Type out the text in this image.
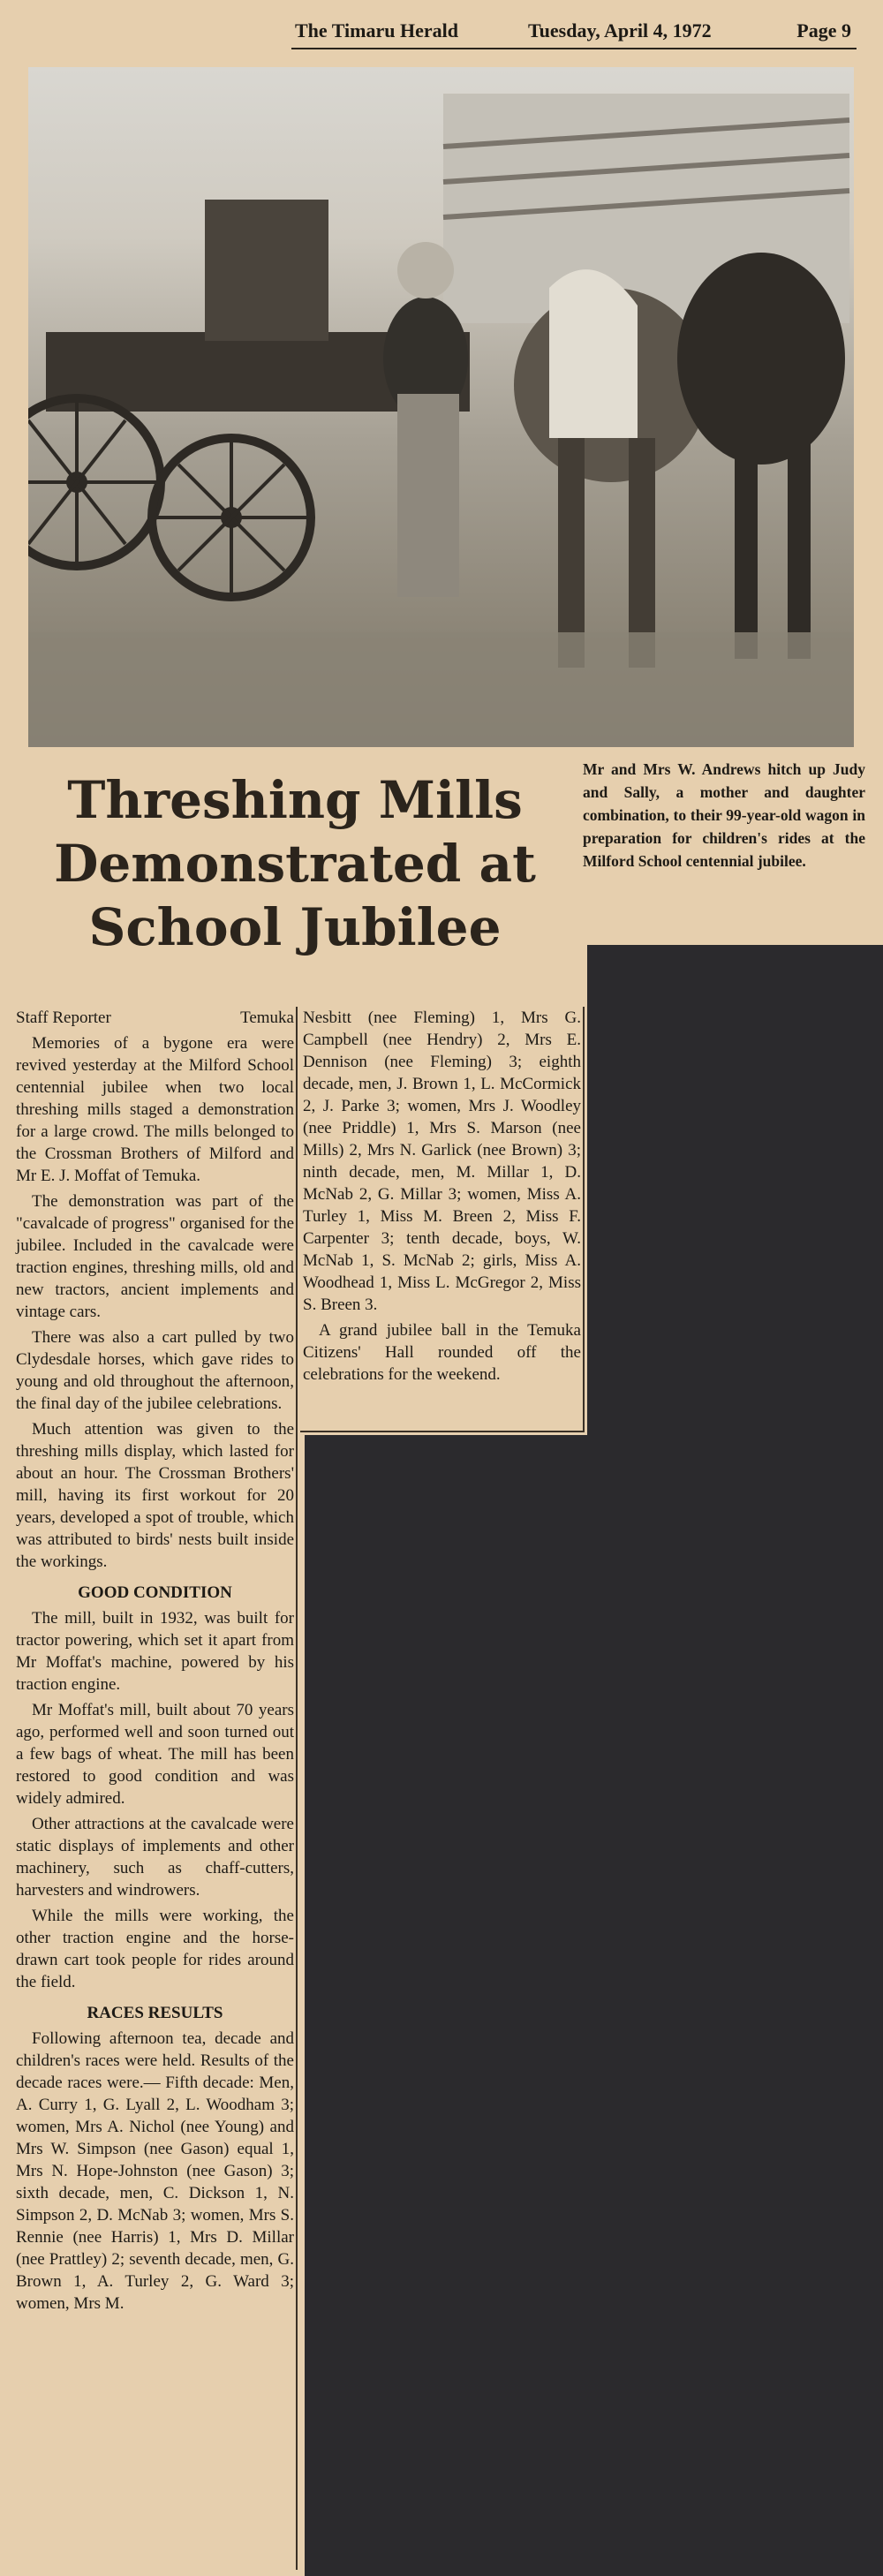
The Timaru Herald	Tuesday, April 4, 1972	Page 9
Mr and Mrs W. Andrews hitch up Judy and Sally, a mother and daughter combination, to their 99-year-old wagon in preparation for children's rides at the Milford School centennial jubilee.
Threshing Mills
Demonstrated at
School Jubilee

Staff Reporter	Temuka

Memories of a bygone era were revived yesterday at the Milford School centennial jubilee when two local threshing mills staged a demonstration for a large crowd. The mills belonged to the Crossman Brothers of Milford and Mr E. J. Moffat of Temuka.

The demonstration was part of the "cavalcade of progress" organised for the jubilee. Included in the cavalcade were traction engines, threshing mills, old and new tractors, ancient implements and vintage cars.

There was also a cart pulled by two Clydesdale horses, which gave rides to young and old throughout the afternoon, the final day of the jubilee celebrations.

Much attention was given to the threshing mills display, which lasted for about an hour. The Crossman Brothers' mill, having its first workout for 20 years, developed a spot of trouble, which was attributed to birds' nests built inside the workings.

GOOD CONDITION

The mill, built in 1932, was built for tractor powering, which set it apart from Mr Moffat's machine, powered by his traction engine.

Mr Moffat's mill, built about 70 years ago, performed well and soon turned out a few bags of wheat. The mill has been restored to good condition and was widely admired.

Other attractions at the cavalcade were static displays of implements and other machinery, such as chaff-cutters, harvesters and windrowers.

While the mills were working, the other traction engine and the horse-drawn cart took people for rides around the field.

RACES RESULTS

Following afternoon tea, decade and children's races were held. Results of the decade races were.— Fifth decade: Men, A. Curry 1, G. Lyall 2, L. Woodham 3; women, Mrs A. Nichol (nee Young) and Mrs W. Simpson (nee Gason) equal 1, Mrs N. Hope-Johnston (nee Gason) 3; sixth decade, men, C. Dickson 1, N. Simpson 2, D. McNab 3; women, Mrs S. Rennie (nee Harris) 1, Mrs D. Millar (nee Prattley) 2; seventh decade, men, G. Brown 1, A. Turley 2, G. Ward 3; women, Mrs M.

Nesbitt (nee Fleming) 1, Mrs G. Campbell (nee Hendry) 2, Mrs E. Dennison (nee Fleming) 3; eighth decade, men, J. Brown 1, L. McCormick 2, J. Parke 3; women, Mrs J. Woodley (nee Priddle) 1, Mrs S. Marson (nee Mills) 2, Mrs N. Garlick (nee Brown) 3; ninth decade, men, M. Millar 1, D. McNab 2, G. Millar 3; women, Miss A. Turley 1, Miss M. Breen 2, Miss F. Carpenter 3; tenth decade, boys, W. McNab 1, S. McNab 2; girls, Miss A. Woodhead 1, Miss L. McGregor 2, Miss S. Breen 3.

A grand jubilee ball in the Temuka Citizens' Hall rounded off the celebrations for the weekend.
